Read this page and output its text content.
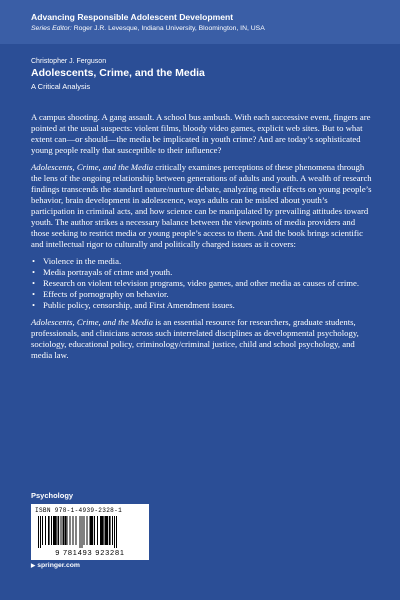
Advancing Responsible Adolescent Development
Series Editor: Roger J.R. Levesque, Indiana University, Bloomington, IN, USA
Christopher J. Ferguson
Adolescents, Crime, and the Media
A Critical Analysis

A campus shooting. A gang assault. A school bus ambush. With each successive event, fingers are pointed at the usual suspects: violent films, bloody video games, explicit web sites. But to what extent can—or should—the media be implicated in youth crime? And are today’s sophisticated young people really that susceptible to their influence?

Adolescents, Crime, and the Media critically examines perceptions of these phenomena through the lens of the ongoing relationship between generations of adults and youth. A wealth of research findings transcends the standard nature/nurture debate, analyzing media effects on young people’s behavior, brain development in adolescence, ways adults can be misled about youth’s participation in criminal acts, and how science can be manipulated by prevailing attitudes toward youth. The author strikes a necessary balance between the viewpoints of media providers and those seeking to restrict media or young people’s access to them. And the book brings scientific and intellectual rigor to culturally and politically charged issues as it covers:

• Violence in the media.
• Media portrayals of crime and youth.
• Research on violent television programs, video games, and other media as causes of crime.
• Effects of pornography on behavior.
• Public policy, censorship, and First Amendment issues.

Adolescents, Crime, and the Media is an essential resource for researchers, graduate students, professionals, and clinicians across such interrelated disciplines as developmental psychology, sociology, educational policy, criminology/criminal justice, child and school psychology, and media law.

Psychology
ISBN 978-1-4939-2328-1
9 781493 923281
▶ springer.com
